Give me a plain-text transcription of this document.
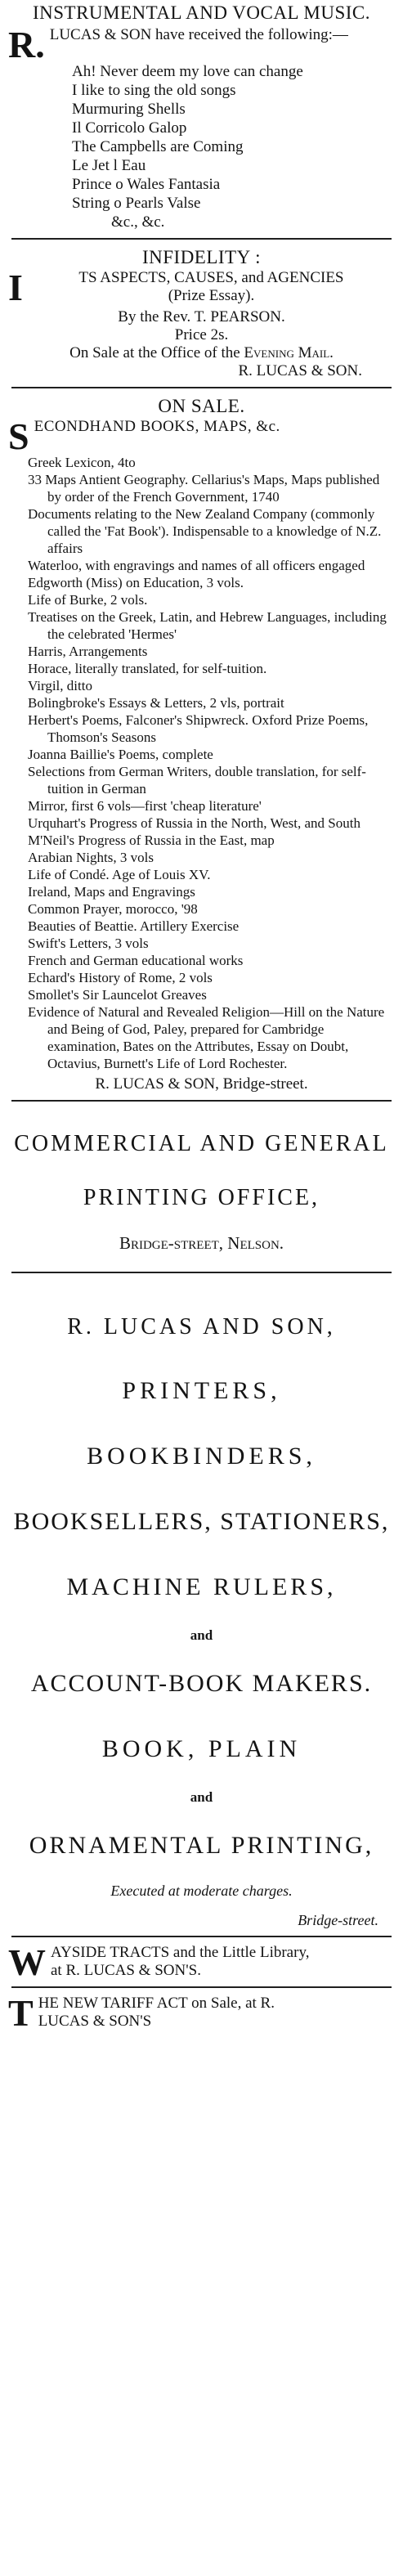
INSTRUMENTAL AND VOCAL MUSIC.
R. LUCAS & SON have received the following:—
Ah! Never deem my love can change
I like to sing the old songs
Murmuring Shells
Il Corricolo Galop
The Campbells are Coming
Le Jet l Eau
Prince o Wales Fantasia
String o Pearls Valse
&c., &c.
INFIDELITY :
I	TS ASPECTS, CAUSES, and AGENCIES
(Prize Essay).
By the Rev. T. PEARSON.
Price 2s.
On Sale at the Office of the Evening Mail.
R. LUCAS & SON.
ON SALE.
S ECONDHAND BOOKS, MAPS, &c.
Greek Lexicon, 4to
33 Maps Antient Geography. Cellarius's Maps, Maps published by order of the French Government, 1740
Documents relating to the New Zealand Company (commonly called the 'Fat Book'). Indispensable to a knowledge of N.Z. affairs
Waterloo, with engravings and names of all officers engaged
Edgworth (Miss) on Education, 3 vols.
Life of Burke, 2 vols.
Treatises on the Greek, Latin, and Hebrew Languages, including the celebrated 'Hermes'
Harris, Arrangements
Horace, literally translated, for self-tuition.
Virgil, ditto
Bolingbroke's Essays & Letters, 2 vls, portrait
Herbert's Poems, Falconer's Shipwreck. Oxford Prize Poems, Thomson's Seasons
Joanna Baillie's Poems, complete
Selections from German Writers, double translation, for self-tuition in German
Mirror, first 6 vols—first 'cheap literature'
Urquhart's Progress of Russia in the North, West, and South
M'Neil's Progress of Russia in the East, map
Arabian Nights, 3 vols
Life of Condé. Age of Louis XV.
Ireland, Maps and Engravings
Common Prayer, morocco, '98
Beauties of Beattie. Artillery Exercise
Swift's Letters, 3 vols
French and German educational works
Echard's History of Rome, 2 vols
Smollet's Sir Launcelot Greaves
Evidence of Natural and Revealed Religion—Hill on the Nature and Being of God, Paley, prepared for Cambridge examination, Bates on the Attributes, Essay on Doubt, Octavius, Burnett's Life of Lord Rochester.
R. LUCAS & SON, Bridge-street.
COMMERCIAL AND GENERAL
PRINTING OFFICE,
Bridge-street, Nelson.
R. LUCAS AND SON,
PRINTERS,
BOOKBINDERS,
BOOKSELLERS, STATIONERS,
MACHINE RULERS,
and
ACCOUNT-BOOK MAKERS.
BOOK, PLAIN
and
ORNAMENTAL PRINTING,
Executed at moderate charges.
Bridge-street.
W AYSIDE TRACTS and the Little Library,
at R. LUCAS & SON'S.
T HE NEW TARIFF ACT on Sale, at R.
LUCAS & SON'S
